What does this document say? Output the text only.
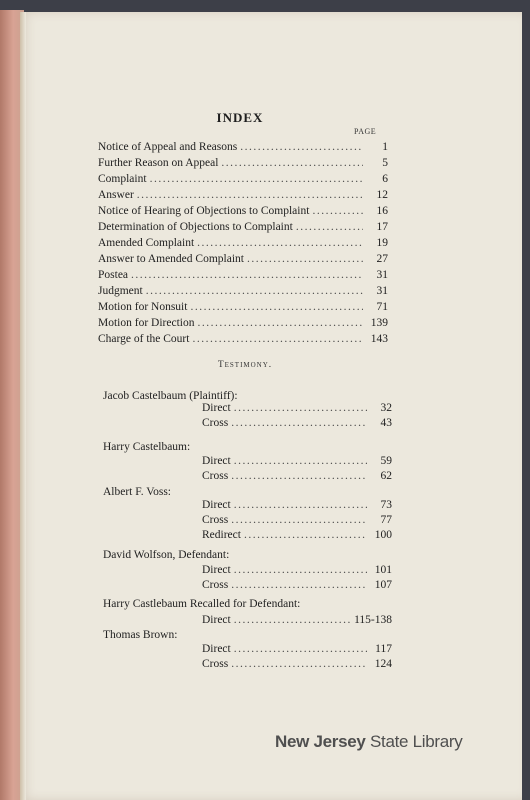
INDEX
PAGE
Notice of Appeal and Reasons .....	1
Further Reason on Appeal .....	5
Complaint .....	6
Answer .....	12
Notice of Hearing of Objections to Complaint .....	16
Determination of Objections to Complaint .....	17
Amended Complaint .....	19
Answer to Amended Complaint .....	27
Postea .....	31
Judgment .....	31
Motion for Nonsuit .....	71
Motion for Direction .....	139
Charge of the Court .....	143
Testimony.
Jacob Castelbaum (Plaintiff):
Direct .....	32
Cross .....	43
Harry Castelbaum:
Direct .....	59
Cross .....	62
Albert F. Voss:
Direct .....	73
Cross .....	77
Redirect .....	100
David Wolfson, Defendant:
Direct .....	101
Cross .....	107
Harry Castlebaum Recalled for Defendant:
Direct .....	115-138
Thomas Brown:
Direct .....	117
Cross .....	124
New Jersey State Library
